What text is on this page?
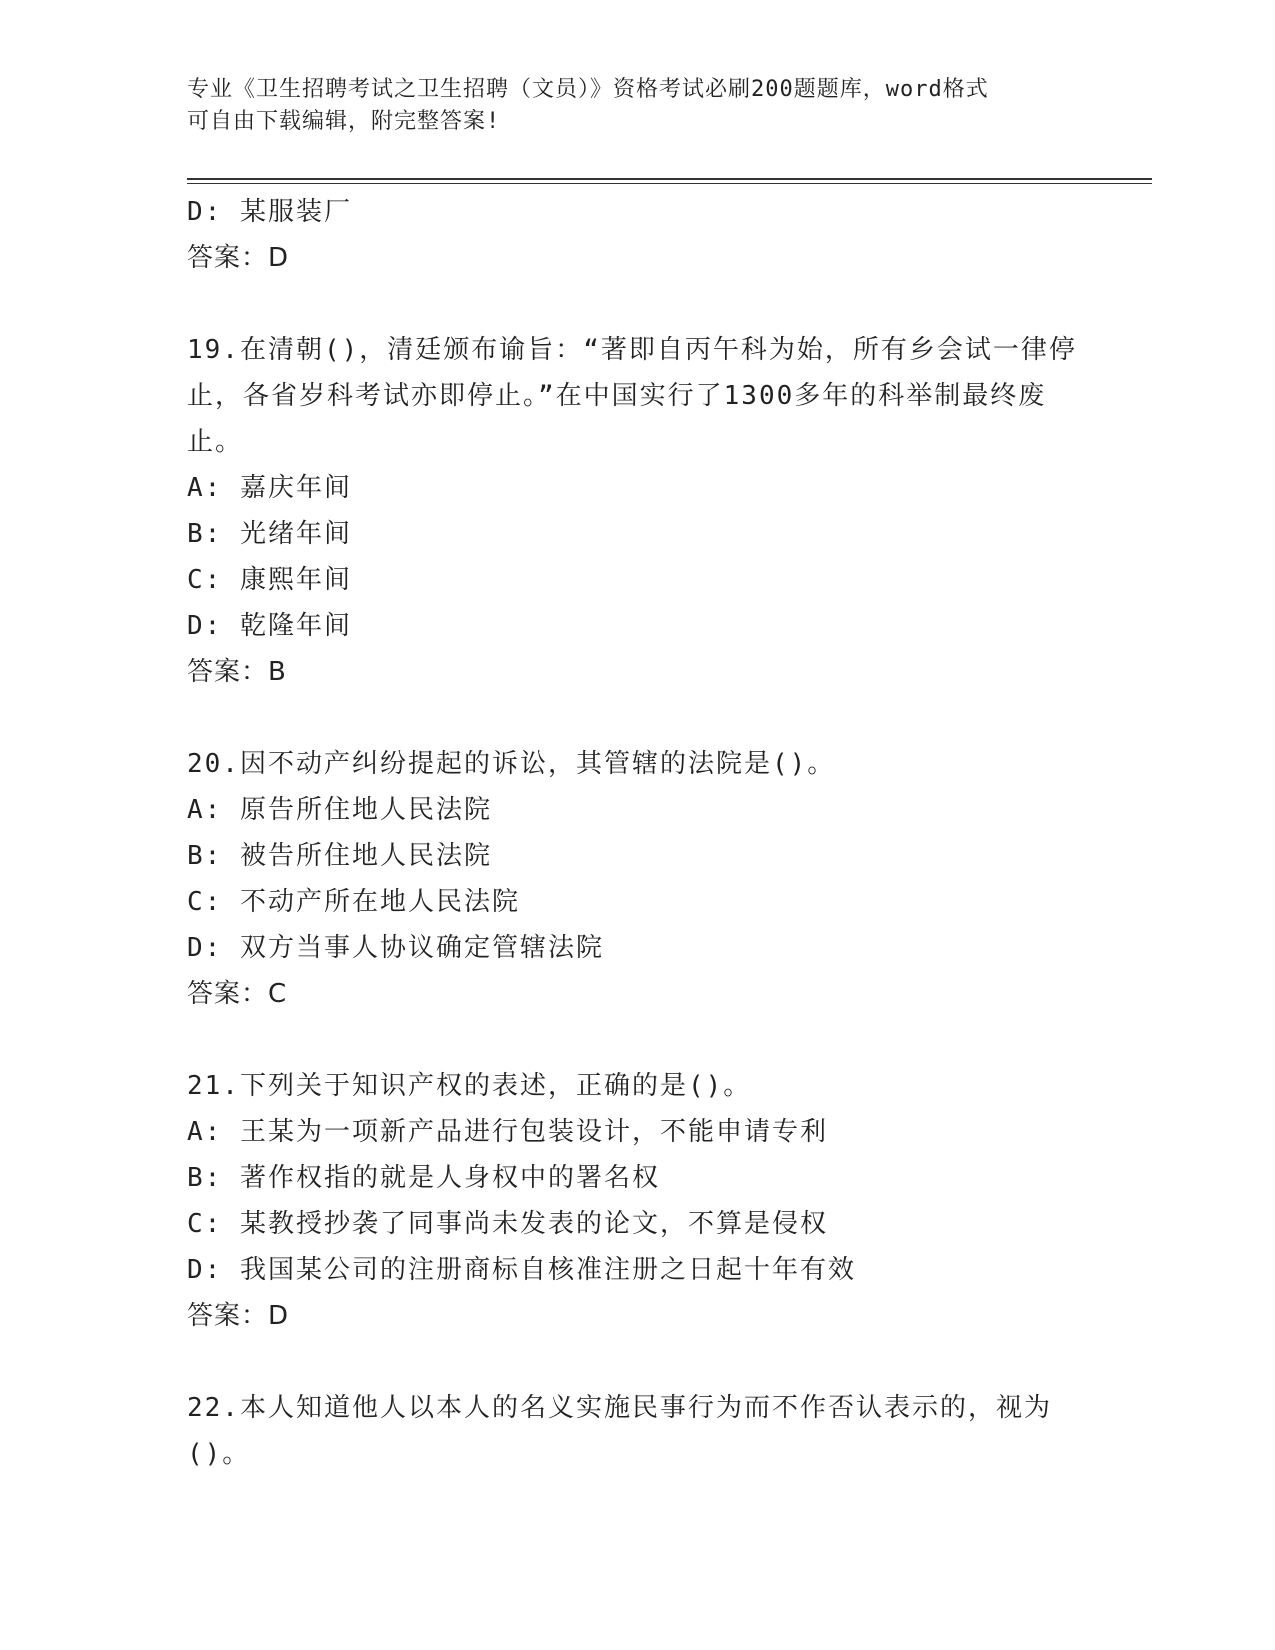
专业《卫生招聘考试之卫生招聘（文员）》资格考试必刷200题题库，word格式
可自由下载编辑，附完整答案!
D: 某服装厂
答案：D
19.在清朝()，清廷颁布谕旨：“著即自丙午科为始，所有乡会试一律停止，各省岁科考试亦即停止。”在中国实行了1300多年的科举制最终废止。
A: 嘉庆年间
B: 光绪年间
C: 康熙年间
D: 乾隆年间
答案：B
20.因不动产纠纷提起的诉讼，其管辖的法院是()。
A: 原告所住地人民法院
B: 被告所住地人民法院
C: 不动产所在地人民法院
D: 双方当事人协议确定管辖法院
答案：C
21.下列关于知识产权的表述，正确的是()。
A: 王某为一项新产品进行包装设计，不能申请专利
B: 著作权指的就是人身权中的署名权
C: 某教授抄袭了同事尚未发表的论文，不算是侵权
D: 我国某公司的注册商标自核准注册之日起十年有效
答案：D
22.本人知道他人以本人的名义实施民事行为而不作否认表示的，视为()。
